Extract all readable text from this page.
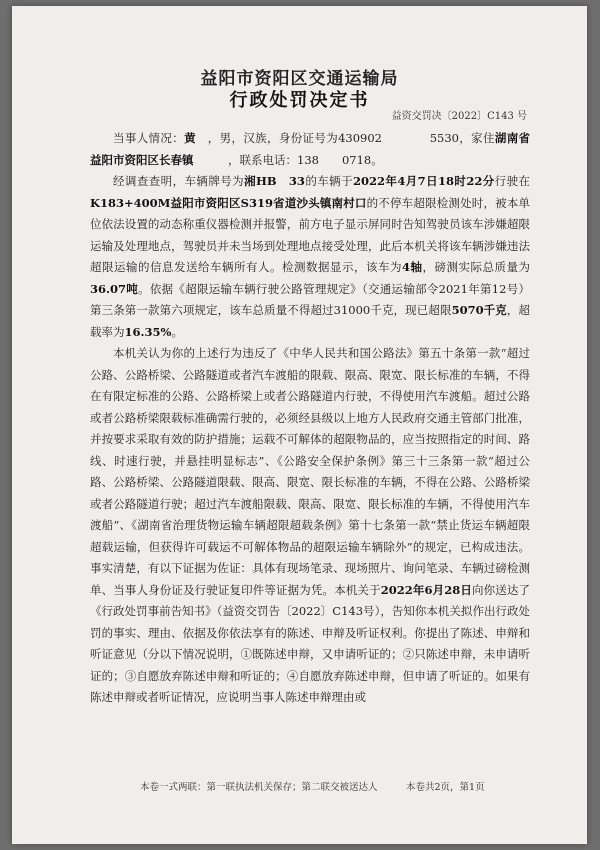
益阳市资阳区交通运输局
行政处罚决定书
益资交罚决〔2022〕C143 号

当事人情况：黄　，男，汉族，身份证号为430902　　　　5530，家住湖南省益阳市资阳区长春镇　　　，联系电话：138　　0718。

经调查查明，车辆牌号为湘HB　33的车辆于2022年4月7日18时22分行驶在K183+400M益阳市资阳区S319省道沙头镇南村口的不停车超限检测处时，被本单位依法设置的动态称重仪器检测并报警，前方电子显示屏同时告知驾驶员该车涉嫌超限运输及处理地点，驾驶员并未当场到处理地点接受处理，此后本机关将该车辆涉嫌违法超限运输的信息发送给车辆所有人。检测数据显示，该车为4轴，磅测实际总质量为36.07吨。依据《超限运输车辆行驶公路管理规定》（交通运输部令2021年第12号）第三条第一款第六项规定，该车总质量不得超过31000千克，现已超限5070千克，超载率为16.35%。

本机关认为你的上述行为违反了《中华人民共和国公路法》第五十条第一款“超过公路、公路桥梁、公路隧道或者汽车渡船的限载、限高、限宽、限长标准的车辆，不得在有限定标准的公路、公路桥梁上或者公路隧道内行驶，不得使用汽车渡船。超过公路或者公路桥梁限载标准确需行驶的，必须经县级以上地方人民政府交通主管部门批准，并按要求采取有效的防护措施；运载不可解体的超限物品的，应当按照指定的时间、路线、时速行驶，并悬挂明显标志”、《公路安全保护条例》第三十三条第一款“超过公路、公路桥梁、公路隧道限载、限高、限宽、限长标准的车辆，不得在公路、公路桥梁或者公路隧道行驶；超过汽车渡船限载、限高、限宽、限长标准的车辆，不得使用汽车渡船”、《湖南省治理货物运输车辆超限超载条例》第十七条第一款“禁止货运车辆超限超载运输，但获得许可载运不可解体物品的超限运输车辆除外”的规定，已构成违法。事实清楚，有以下证据为佐证：具体有现场笔录、现场照片、询问笔录、车辆过磅检测单、当事人身份证及行驶证复印件等证据为凭。本机关于2022年6月28日向你送达了《行政处罚事前告知书》（益资交罚告〔2022〕C143号），告知你本机关拟作出行政处罚的事实、理由、依据及你依法享有的陈述、申辩及听证权利。你提出了陈述、申辩和听证意见（分以下情况说明，①既陈述申辩，又申请听证的；②只陈述申辩，未申请听证的；③自愿放弃陈述申辩和听证的；④自愿放弃陈述申辩，但申请了听证的。如果有陈述申辩或者听证情况，应说明当事人陈述申辩理由或

本卷一式两联：第一联执法机关保存；第二联交被送达人	本卷共2页，第1页
